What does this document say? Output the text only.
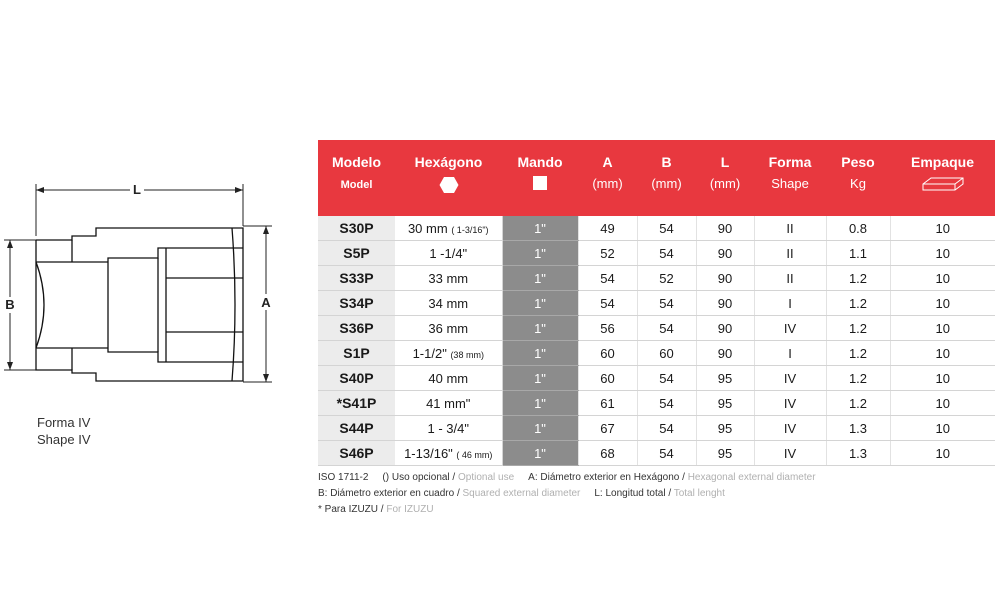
L
A
B
Forma IV
Shape IV
Modelo	Hexágono	Mando	A	B	L	Forma	Peso	Empaque
Model			(mm)	(mm)	(mm)	Shape	Kg	
S30P	30 mm ( 1-3/16")	1"	49	54	90	II	0.8	10
S5P	1 -1/4"	1"	52	54	90	II	1.1	10
S33P	33 mm	1"	54	52	90	II	1.2	10
S34P	34 mm	1"	54	54	90	I	1.2	10
S36P	36 mm	1"	56	54	90	IV	1.2	10
S1P	1-1/2" (38 mm)	1"	60	60	90	I	1.2	10
S40P	40 mm	1"	60	54	95	IV	1.2	10
*S41P	41 mm"	1"	61	54	95	IV	1.2	10
S44P	1 - 3/4"	1"	67	54	95	IV	1.3	10
S46P	1-13/16" ( 46 mm)	1"	68	54	95	IV	1.3	10
ISO 1711-2 () Uso opcional / Optional use A: Diámetro exterior en Hexágono / Hexagonal external diameter
B: Diámetro exterior en cuadro / Squared external diameter L: Longitud total / Total lenght
* Para IZUZU / For IZUZU
